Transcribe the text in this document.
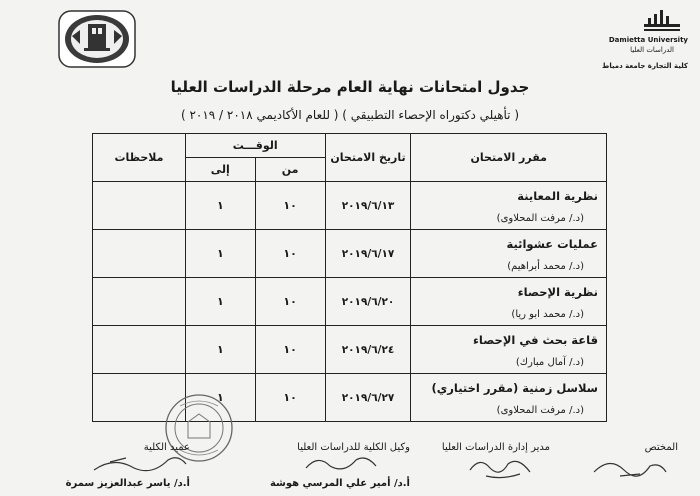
Damietta University
الدراسات العليا
كلية التجارة جامعة دمياط
جدول امتحانات نهاية العام مرحلة الدراسات العليا
( تأهيلي دكتوراه الإحصاء التطبيقي ) ( للعام الأكاديمي ٢٠١٨ / ٢٠١٩ )
مقرر الامتحان	تاريخ الامتحان	الوقـــت		ملاحظات
		من	إلى	

نظرية المعاينة
(د./ مرفت المحلاوى)	٢٠١٩/٦/١٣	١٠	١	

عمليات عشوائية
(د./ محمد أبراهيم)	٢٠١٩/٦/١٧	١٠	١	

نظرية الإحصاء
(د./ محمد ابو ريا)	٢٠١٩/٦/٢٠	١٠	١	

قاعة بحث في الإحصاء
(د./ آمال مبارك)	٢٠١٩/٦/٢٤	١٠	١	

سلاسل زمنية (مقرر اختياري)
(د./ مرفت المحلاوى)	٢٠١٩/٦/٢٧	١٠	١	
المختص
مدير إدارة الدراسات العليا
وكيل الكلية للدراسات العليا
عميد الكلية
أ.د/ أمير علي المرسي هوشة
أ.د/ ياسر عبدالعزيز سمرة
